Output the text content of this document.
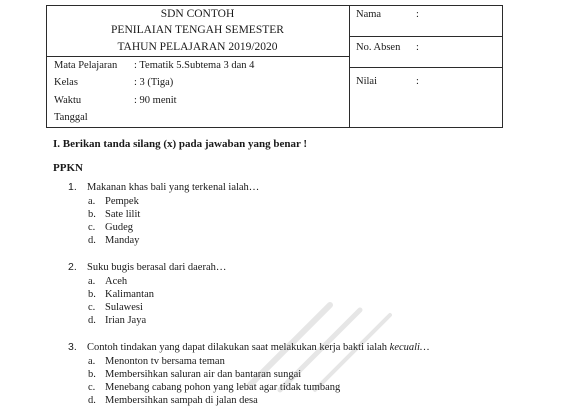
SDN CONTOH
PENILAIAN TENGAH SEMESTER
TAHUN PELAJARAN 2019/2020
Nama	:
No. Absen :
Nilai	:
Mata Pelajaran : Tematik 5.Subtema 3 dan 4
Kelas	: 3 (Tiga)
Waktu	: 90 menit
Tanggal
I. Berikan tanda silang (x) pada jawaban yang benar !
PPKN
1. Makanan khas bali yang terkenal ialah…
a. Pempek
b. Sate lilit
c. Gudeg
d. Manday
2. Suku bugis berasal dari daerah…
a. Aceh
b. Kalimantan
c. Sulawesi
d. Irian Jaya
3. Contoh tindakan yang dapat dilakukan saat melakukan kerja bakti ialah kecuali…
a. Menonton tv bersama teman
b. Membersihkan saluran air dan bantaran sungai
c. Menebang cabang pohon yang lebat agar tidak tumbang
d. Membersihkan sampah di jalan desa
